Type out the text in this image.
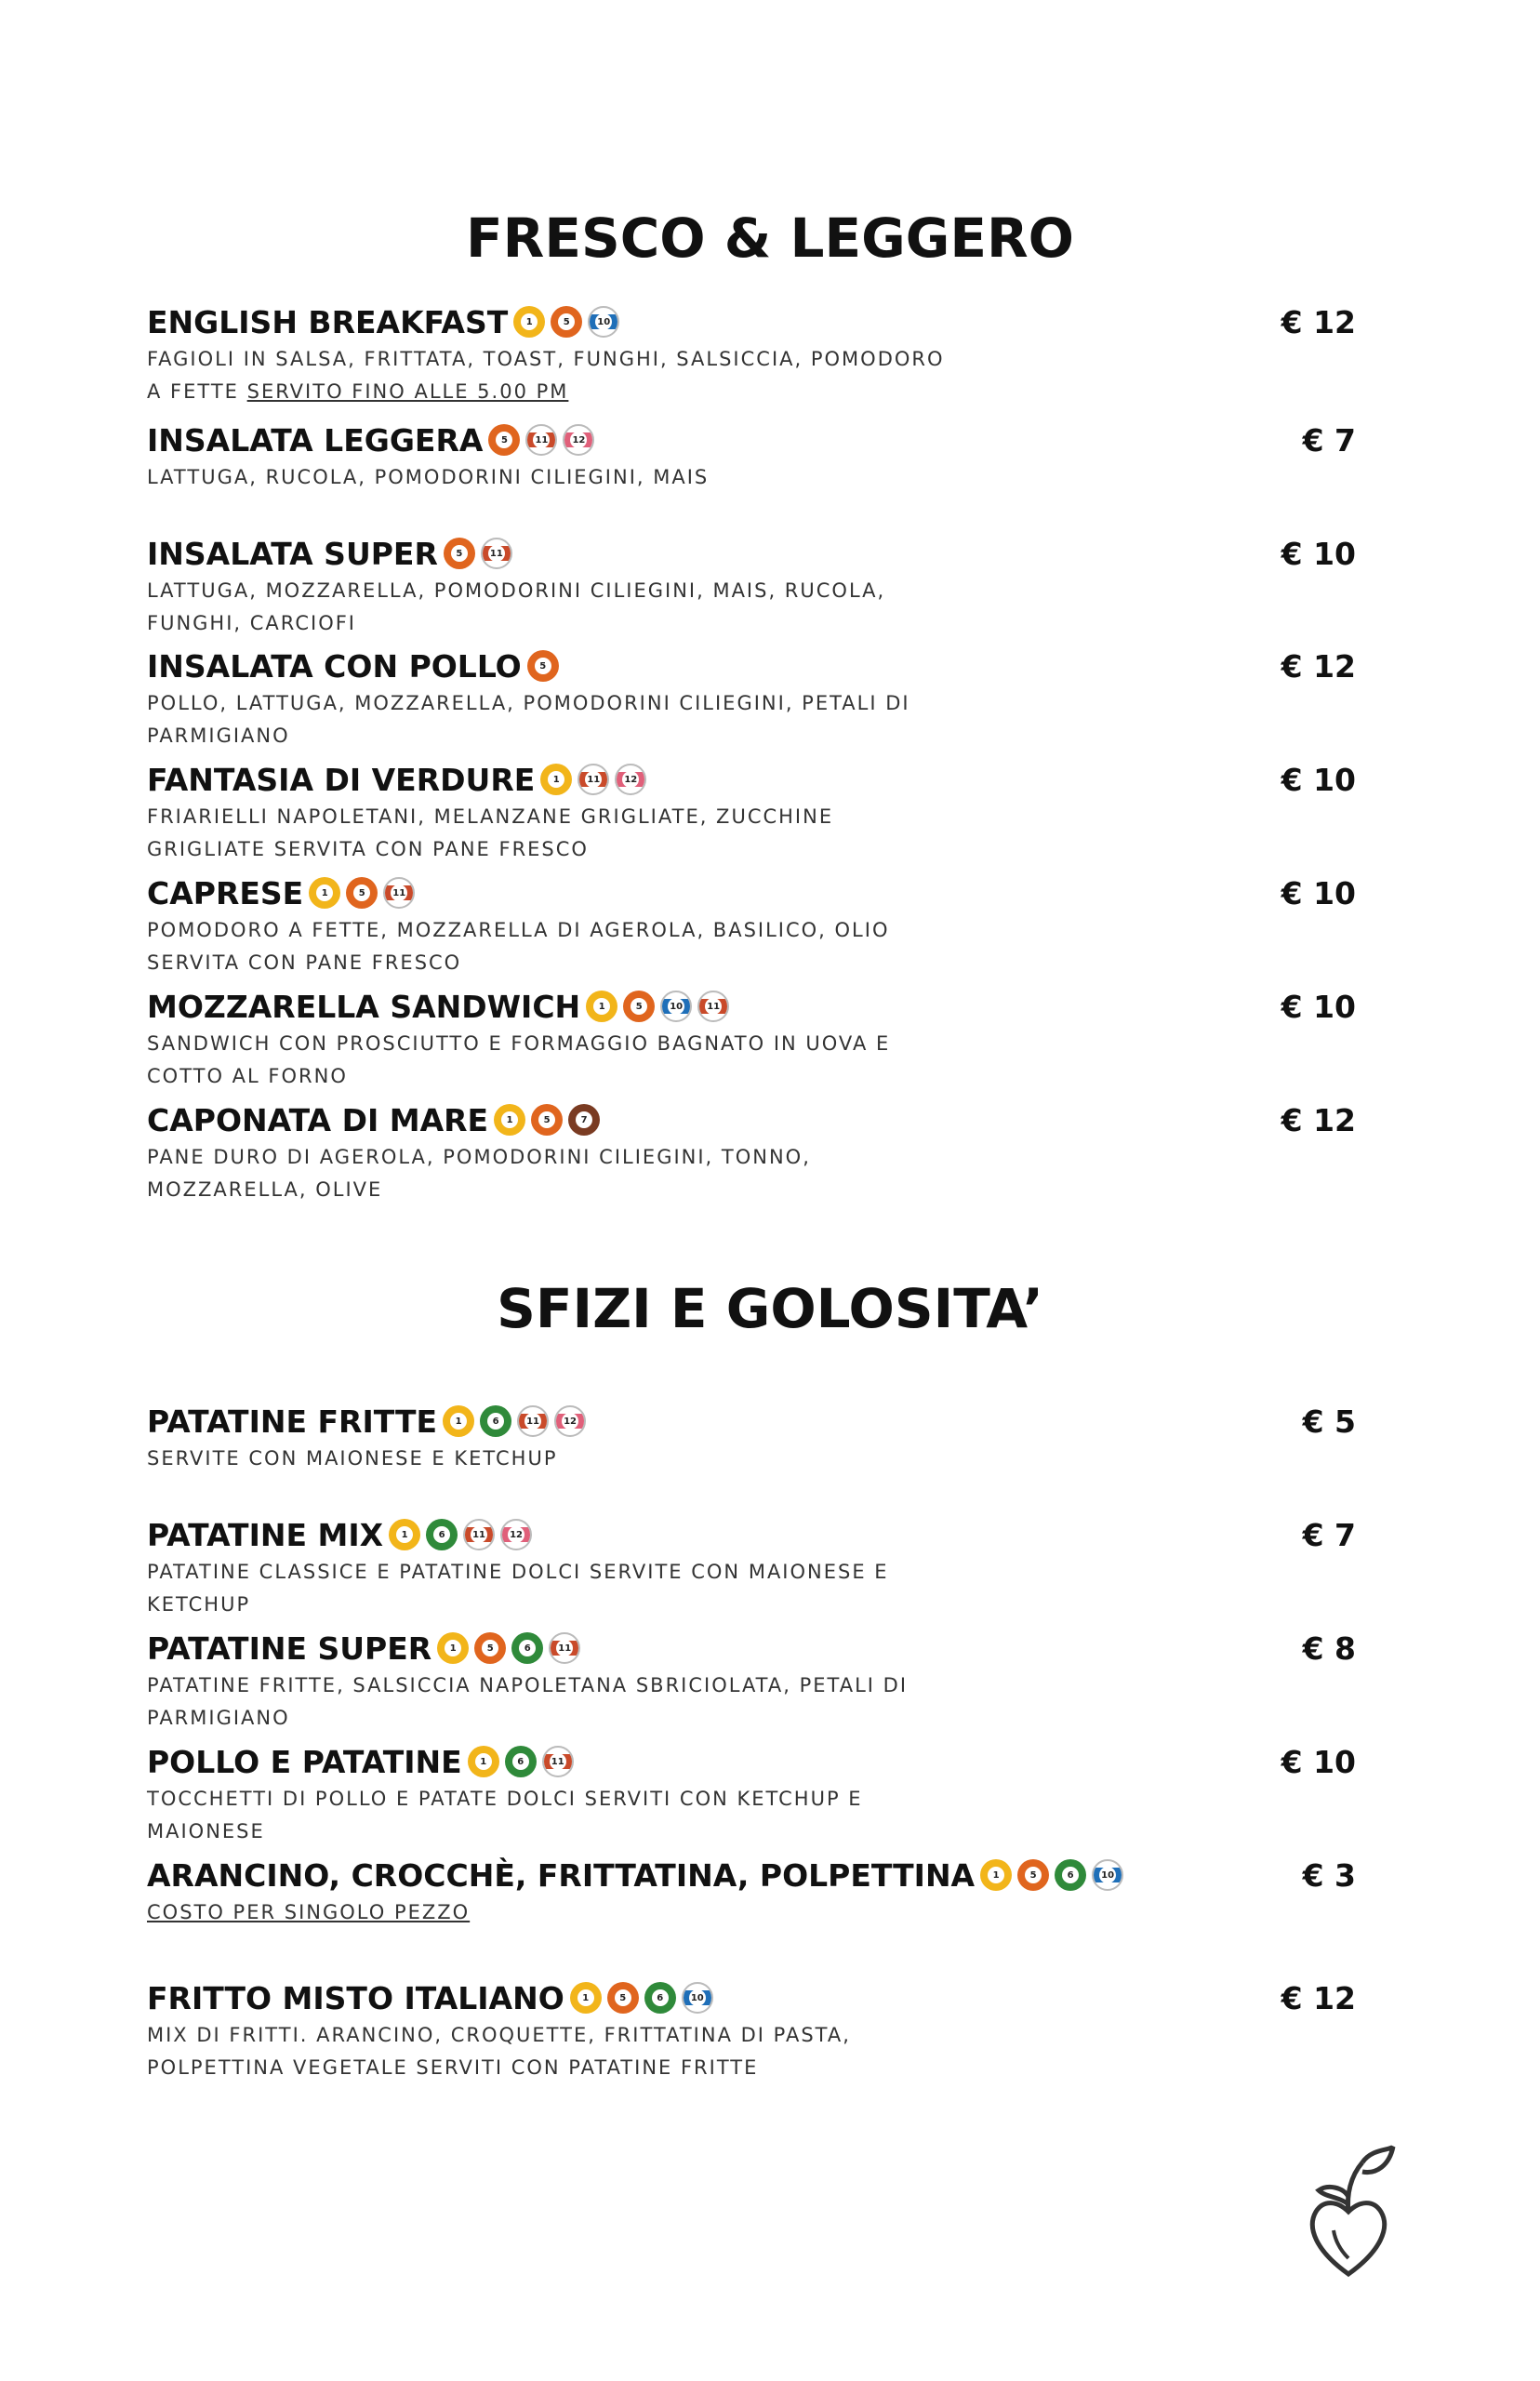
FRESCO & LEGGERO
ENGLISH BREAKFAST	1	5	10	€ 12
FAGIOLI IN SALSA, FRITTATA, TOAST, FUNGHI, SALSICCIA, POMODORO A FETTE SERVITO FINO ALLE 5.00 PM
INSALATA LEGGERA	5	11	12	€ 7
LATTUGA, RUCOLA, POMODORINI CILIEGINI, MAIS
INSALATA SUPER	5	11	€ 10
LATTUGA, MOZZARELLA, POMODORINI CILIEGINI, MAIS, RUCOLA, FUNGHI, CARCIOFI
INSALATA CON POLLO	5	€ 12
POLLO, LATTUGA, MOZZARELLA, POMODORINI CILIEGINI, PETALI DI PARMIGIANO
FANTASIA DI VERDURE	1	11	12	€ 10
FRIARIELLI NAPOLETANI, MELANZANE GRIGLIATE, ZUCCHINE GRIGLIATE SERVITA CON PANE FRESCO
CAPRESE	1	5	11	€ 10
POMODORO A FETTE, MOZZARELLA DI AGEROLA, BASILICO, OLIO SERVITA CON PANE FRESCO
MOZZARELLA SANDWICH	1	5	10	11	€ 10
SANDWICH CON PROSCIUTTO E FORMAGGIO BAGNATO IN UOVA E COTTO AL FORNO
CAPONATA DI MARE	1	5	7	€ 12
PANE DURO DI AGEROLA, POMODORINI CILIEGINI, TONNO, MOZZARELLA, OLIVE
SFIZI E GOLOSITA’
PATATINE FRITTE	1	6	11	12	€ 5
SERVITE CON MAIONESE E KETCHUP
PATATINE MIX	1	6	11	12	€ 7
PATATINE CLASSICE E PATATINE DOLCI SERVITE CON MAIONESE E KETCHUP
PATATINE SUPER	1	5	6	11	€ 8
PATATINE FRITTE, SALSICCIA NAPOLETANA SBRICIOLATA, PETALI DI PARMIGIANO
POLLO E PATATINE	1	6	11	€ 10
TOCCHETTI DI POLLO E PATATE DOLCI SERVITI CON KETCHUP E MAIONESE
ARANCINO, CROCCHÈ, FRITTATINA, POLPETTINA	1	5	6	10	€ 3
COSTO PER SINGOLO PEZZO
FRITTO MISTO ITALIANO	1	5	6	10	€ 12
MIX DI FRITTI. ARANCINO, CROQUETTE, FRITTATINA DI PASTA, POLPETTINA VEGETALE SERVITI CON PATATINE FRITTE
